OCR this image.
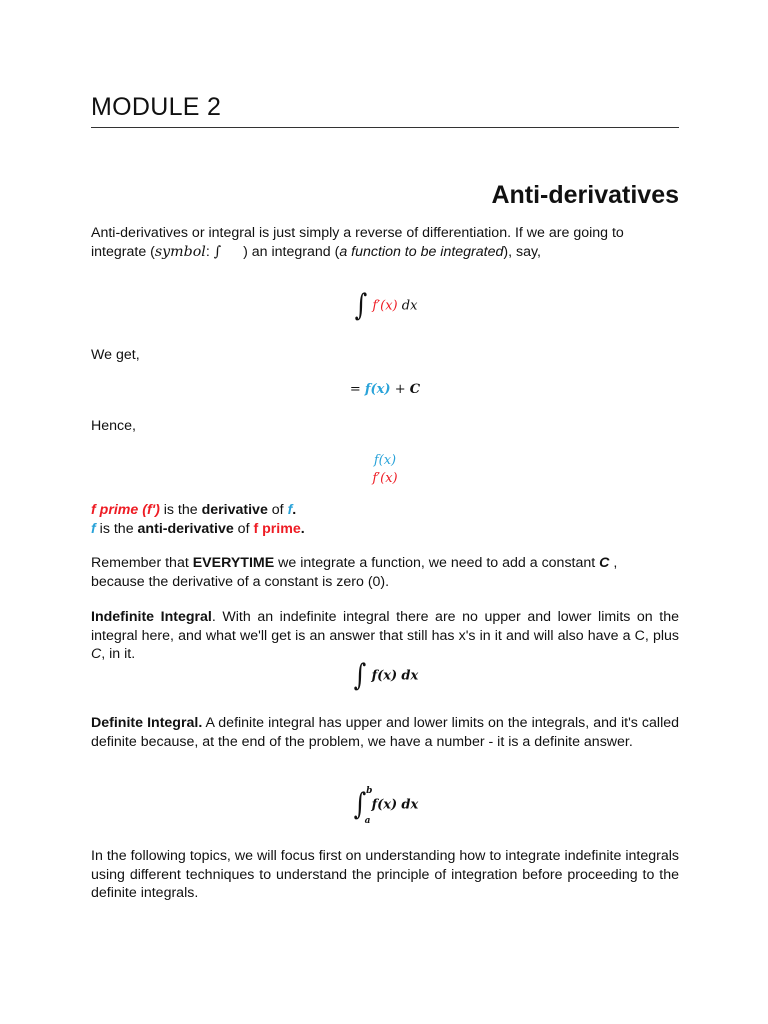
MODULE 2
Anti-derivatives

Anti-derivatives or integral is just simply a reverse of differentiation. If we are going to
integrate (symbol: ∫ ) an integrand (a function to be integrated), say,

∫ f′(x) dx

We get,

= f(x) + C

Hence,

f(x)
f′(x)

f prime (f') is the derivative of f.
f is the anti-derivative of f prime.

Remember that EVERYTIME we integrate a function, we need to add a constant C ,
because the derivative of a constant is zero (0).

Indefinite Integral. With an indefinite integral there are no upper and lower limits on the integral here, and what we'll get is an answer that still has x's in it and will also have a C, plus C, in it.

∫ f(x) dx

Definite Integral. A definite integral has upper and lower limits on the integrals, and it's called definite because, at the end of the problem, we have a number - it is a definite answer.

∫ b
a
f(x) dx

In the following topics, we will focus first on understanding how to integrate indefinite integrals using different techniques to understand the principle of integration before proceeding to the definite integrals.
